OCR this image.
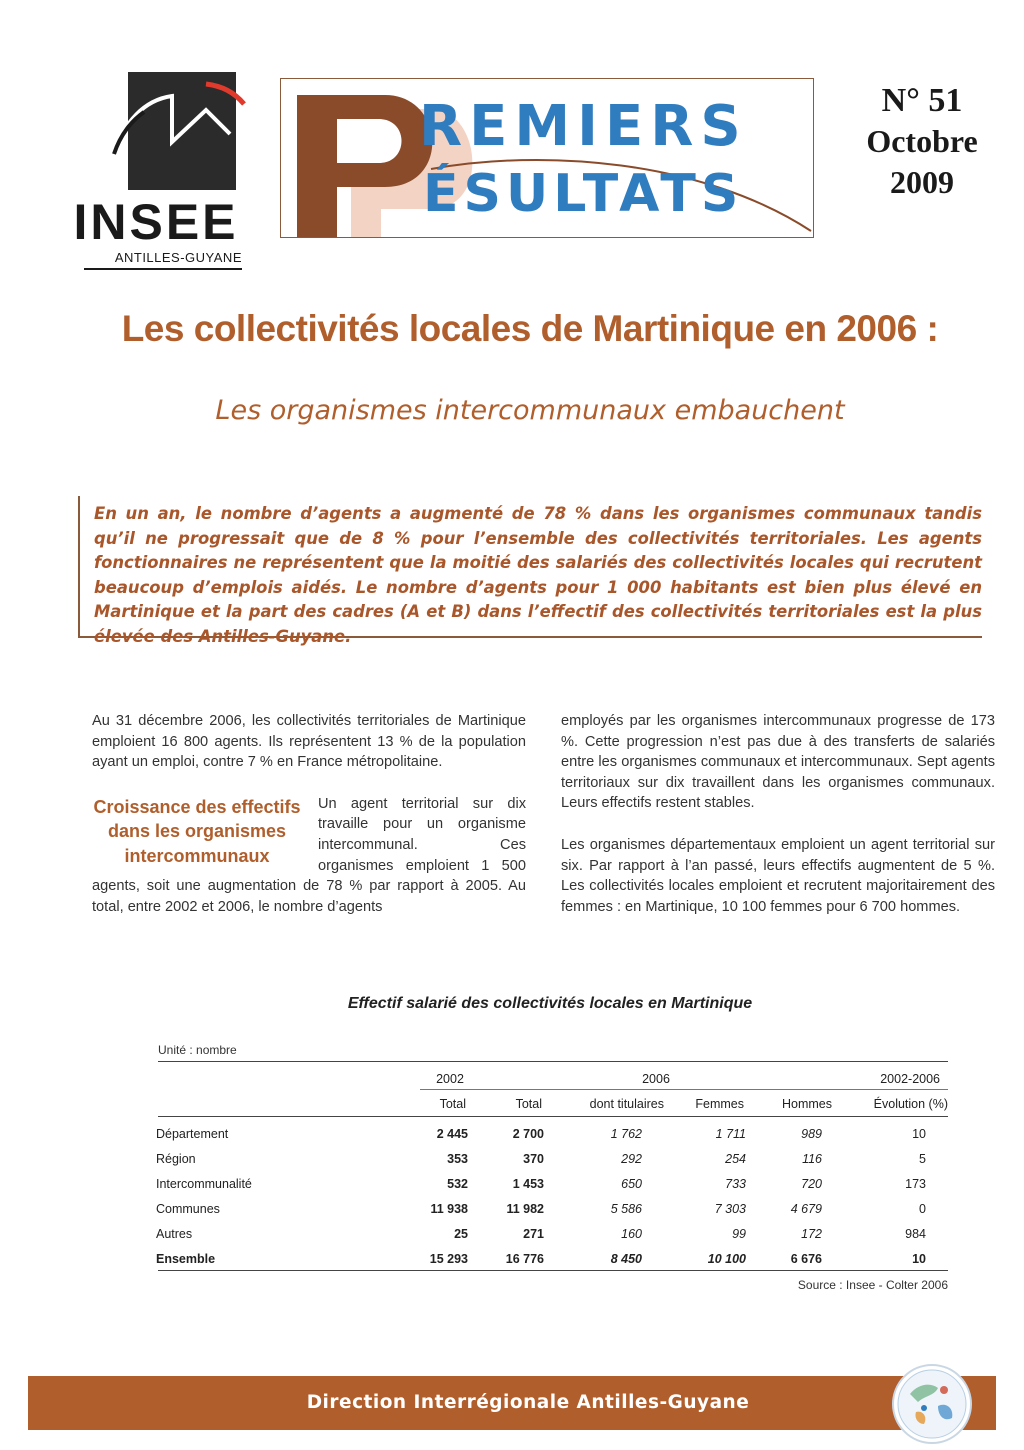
INSEE
ANTILLES-GUYANE
REMIERS
ÉSULTATS
N° 51
Octobre
2009
Les collectivités locales de Martinique en 2006 :
Les organismes intercommunaux embauchent

En un an, le nombre d’agents a augmenté de 78 % dans les organismes communaux tandis qu’il ne progressait que de 8 % pour l’ensemble des collectivités territoriales. Les agents fonctionnaires ne représentent que la moitié des salariés des collectivités locales qui recrutent beaucoup d’emplois aidés. Le nombre d’agents pour 1 000 habitants est bien plus élevé en Martinique et la part des cadres (A et B) dans l’effectif des collectivités territoriales est la plus élevée des Antilles-Guyane.

Au 31 décembre 2006, les collectivités territoriales de Martinique emploient 16 800 agents. Ils représentent 13 % de la population ayant un emploi, contre 7 % en France métropolitaine.

Croissance des effectifs dans les organismes intercommunaux

Un agent territorial sur dix travaille pour un organisme intercommunal. Ces organismes emploient 1 500 agents, soit une augmentation de 78 % par rapport à 2005. Au total, entre 2002 et 2006, le nombre d’agents

employés par les organismes intercommunaux progresse de 173 %. Cette progression n’est pas due à des transferts de salariés entre les organismes communaux et intercommunaux. Sept agents territoriaux sur dix travaillent dans les organismes communaux. Leurs effectifs restent stables.

Les organismes départementaux emploient un agent territorial sur six. Par rapport à l’an passé, leurs effectifs augmentent de 5 %. Les collectivités locales emploient et recrutent majoritairement des femmes : en Martinique, 10 100 femmes pour 6 700 hommes.

Effectif salarié des collectivités locales en Martinique
Unité : nombre
2002	2006	2002-2006
Total	Total	dont titulaires	Femmes	Hommes	Évolution (%)
Département	2 445	2 700	1 762	1 711	989	10
Région	353	370	292	254	116	5
Intercommunalité	532	1 453	650	733	720	173
Communes	11 938	11 982	5 586	7 303	4 679	0
Autres	25	271	160	99	172	984
Ensemble	15 293	16 776	8 450	10 100	6 676	10
Source : Insee - Colter 2006
Direction Interrégionale Antilles-Guyane
